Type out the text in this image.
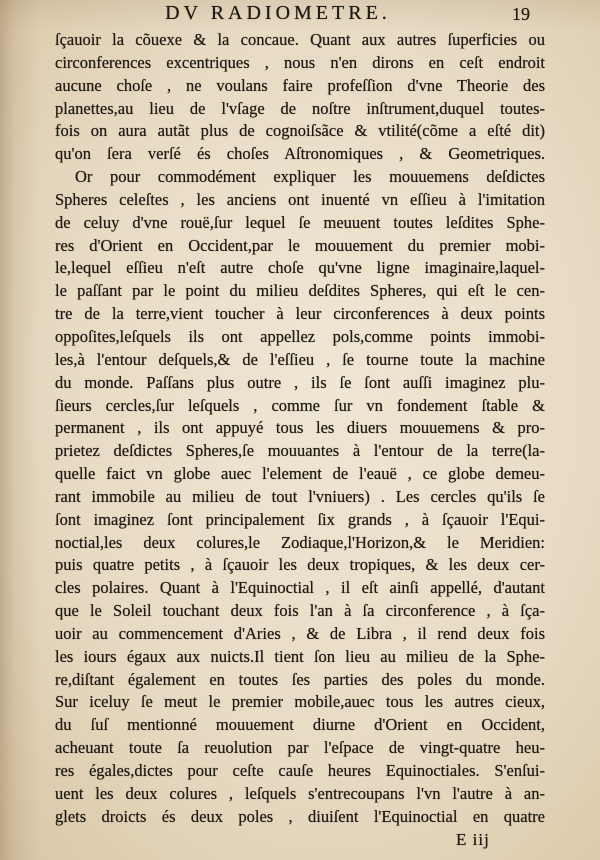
DV RADIOMETRE.	19
ſçauoir la cõuexe & la concaue. Quant aux autres ſuperficies ou
circonferences excentriques , nous n'en dirons en ceſt endroit
aucune choſe , ne voulans faire profeſſion d'vne Theorie des
planettes,au lieu de l'vſage de noſtre inſtrument,duquel toutes-
fois on aura autãt plus de cognoiſsãce & vtilité(cõme a eſté dit)
qu'on ſera verſé és choſes Aſtronomiques , & Geometriques.
Or pour commodément expliquer les mouuemens deſdictes
Spheres celeſtes , les anciens ont inuenté vn eſſieu à l'imitation
de celuy d'vne rouë,ſur lequel ſe meuuent toutes leſdites Sphe-
res d'Orient en Occident,par le mouuement du premier mobi-
le,lequel eſſieu n'eſt autre choſe qu'vne ligne imaginaire,laquel-
le paſſant par le point du milieu deſdites Spheres, qui eſt le cen-
tre de la terre,vient toucher à leur circonferences à deux points
oppoſites,leſquels ils ont appellez pols,comme points immobi-
les,à l'entour deſquels,& de l'eſſieu , ſe tourne toute la machine
du monde. Paſſans plus outre , ils ſe ſont auſſi imaginez plu-
ſieurs cercles,ſur leſquels , comme ſur vn fondement ſtable &
permanent , ils ont appuyé tous les diuers mouuemens & pro-
prietez deſdictes Spheres,ſe mouuantes à l'entour de la terre(la-
quelle faict vn globe auec l'element de l'eauë , ce globe demeu-
rant immobile au milieu de tout l'vniuers) . Les cercles qu'ils ſe
ſont imaginez ſont principalement ſix grands , à ſçauoir l'Equi-
noctial,les deux colures,le Zodiaque,l'Horizon,& le Meridien:
puis quatre petits , à ſçauoir les deux tropiques, & les deux cer-
cles polaires. Quant à l'Equinoctial , il eſt ainſi appellé, d'autant
que le Soleil touchant deux fois l'an à ſa circonference , à ſça-
uoir au commencement d'Aries , & de Libra , il rend deux fois
les iours égaux aux nuicts.Il tient ſon lieu au milieu de la Sphe-
re,diſtant également en toutes ſes parties des poles du monde.
Sur iceluy ſe meut le premier mobile,auec tous les autres cieux,
du ſuſ mentionné mouuement diurne d'Orient en Occident,
acheuant toute ſa reuolution par l'eſpace de vingt-quatre heu-
res égales,dictes pour ceſte cauſe heures Equinoctiales. S'enſui-
uent les deux colures , leſquels s'entrecoupans l'vn l'autre à an-
glets droicts és deux poles , diuiſent l'Equinoctial en quatre
E iij
